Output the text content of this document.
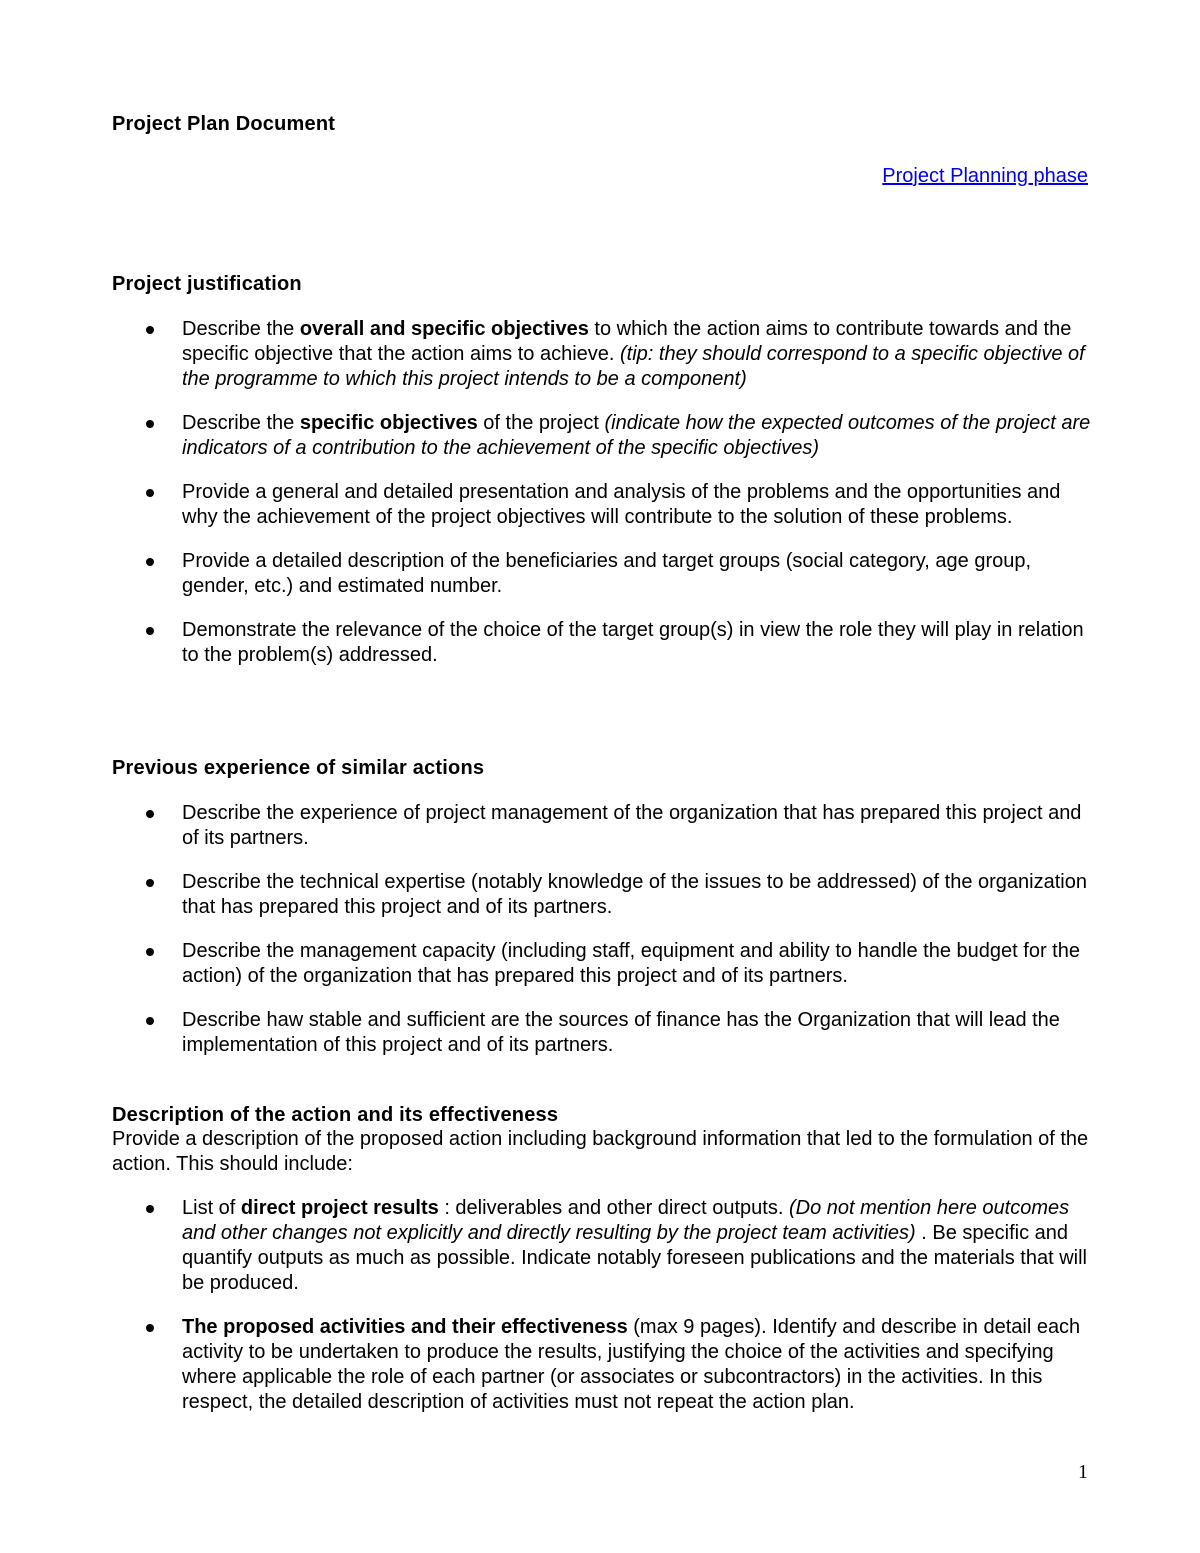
Project Plan Document
Project Planning phase
Project justification
Describe the overall and specific objectives to which the action aims to contribute towards and the specific objective that the action aims to achieve. (tip: they should correspond to a specific objective of the programme to which this project intends to be a component)
Describe the specific objectives of the project (indicate how the expected outcomes of the project are indicators of a contribution to the achievement of the specific objectives)
Provide a general and detailed presentation and analysis of the problems and the opportunities and why the achievement of the project objectives will contribute to the solution of these problems.
Provide a detailed description of the beneficiaries and target groups (social category, age group, gender, etc.) and estimated number.
Demonstrate the relevance of the choice of the target group(s) in view the role they will play in relation to the problem(s) addressed.
Previous experience of similar actions
Describe the experience of project management of the organization that has prepared this project and of its partners.
Describe the technical expertise (notably knowledge of the issues to be addressed) of the organization that has prepared this project and of its partners.
Describe the management capacity (including staff, equipment and ability to handle the budget for the action) of the organization that has prepared this project and of its partners.
Describe haw stable and sufficient are the sources of finance has the Organization that will lead the implementation of this project and of its partners.
Description of the action and its effectiveness
Provide a description of the proposed action including background information that led to the formulation of the action. This should include:
List of direct project results : deliverables and other direct outputs. (Do not mention here outcomes and other changes not explicitly and directly resulting by the project team activities) . Be specific and quantify outputs as much as possible. Indicate notably foreseen publications and the materials that will be produced.
The proposed activities and their effectiveness (max 9 pages). Identify and describe in detail each activity to be undertaken to produce the results, justifying the choice of the activities and specifying where applicable the role of each partner (or associates or subcontractors) in the activities. In this respect, the detailed description of activities must not repeat the action plan.
1
